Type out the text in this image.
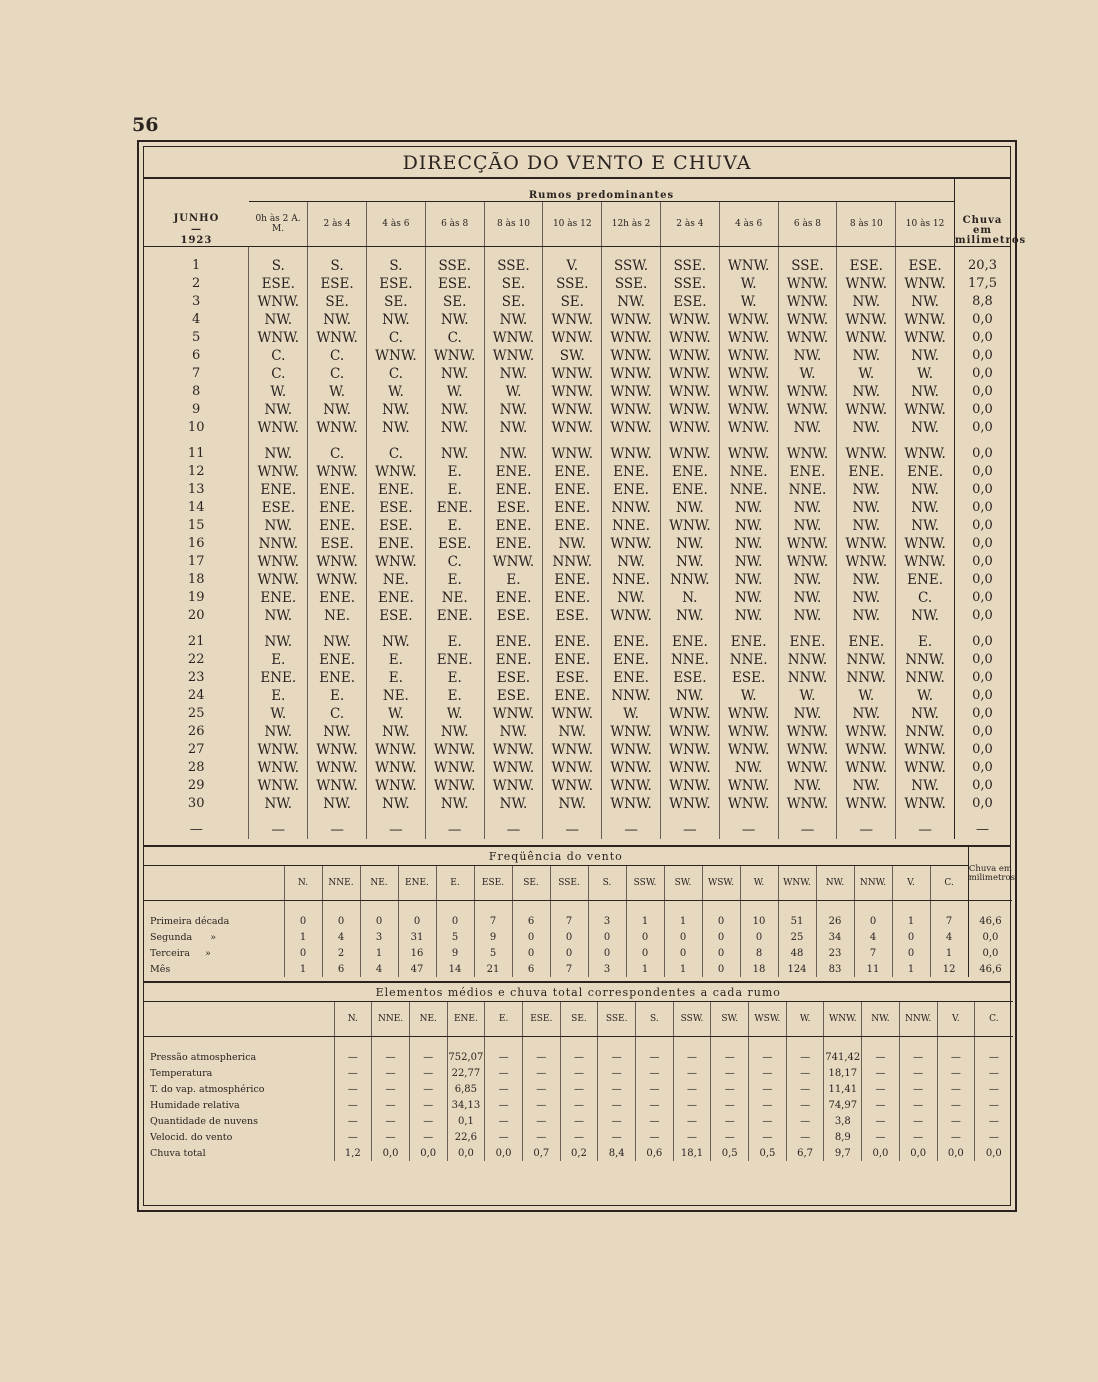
56
DIRECÇÃO DO VENTO E CHUVA
JUNHO
—
1923	Rumos predominantes												Chuva em milimetros
	0h às 2 A. M.	2 às 4	4 às 6	6 às 8	8 às 10	10 às 12	12h às 2	2 às 4	4 às 6	6 às 8	8 às 10	10 às 12	
1	S.	S.	S.	SSE.	SSE.	V.	SSW.	SSE.	WNW.	SSE.	ESE.	ESE.	20,3
2	ESE.	ESE.	ESE.	ESE.	SE.	SSE.	SSE.	SSE.	W.	WNW.	WNW.	WNW.	17,5
3	WNW.	SE.	SE.	SE.	SE.	SE.	NW.	ESE.	W.	WNW.	NW.	NW.	8,8
4	NW.	NW.	NW.	NW.	NW.	WNW.	WNW.	WNW.	WNW.	WNW.	WNW.	WNW.	0,0
5	WNW.	WNW.	C.	C.	WNW.	WNW.	WNW.	WNW.	WNW.	WNW.	WNW.	WNW.	0,0
6	C.	C.	WNW.	WNW.	WNW.	SW.	WNW.	WNW.	WNW.	NW.	NW.	NW.	0,0
7	C.	C.	C.	NW.	NW.	WNW.	WNW.	WNW.	WNW.	W.	W.	W.	0,0
8	W.	W.	W.	W.	W.	WNW.	WNW.	WNW.	WNW.	WNW.	NW.	NW.	0,0
9	NW.	NW.	NW.	NW.	NW.	WNW.	WNW.	WNW.	WNW.	WNW.	WNW.	WNW.	0,0
10	WNW.	WNW.	NW.	NW.	NW.	WNW.	WNW.	WNW.	WNW.	NW.	NW.	NW.	0,0

11	NW.	C.	C.	NW.	NW.	WNW.	WNW.	WNW.	WNW.	WNW.	WNW.	WNW.	0,0
12	WNW.	WNW.	WNW.	E.	ENE.	ENE.	ENE.	ENE.	NNE.	ENE.	ENE.	ENE.	0,0
13	ENE.	ENE.	ENE.	E.	ENE.	ENE.	ENE.	ENE.	NNE.	NNE.	NW.	NW.	0,0
14	ESE.	ENE.	ESE.	ENE.	ESE.	ENE.	NNW.	NW.	NW.	NW.	NW.	NW.	0,0
15	NW.	ENE.	ESE.	E.	ENE.	ENE.	NNE.	WNW.	NW.	NW.	NW.	NW.	0,0
16	NNW.	ESE.	ENE.	ESE.	ENE.	NW.	WNW.	NW.	NW.	WNW.	WNW.	WNW.	0,0
17	WNW.	WNW.	WNW.	C.	WNW.	NNW.	NW.	NW.	NW.	WNW.	WNW.	WNW.	0,0
18	WNW.	WNW.	NE.	E.	E.	ENE.	NNE.	NNW.	NW.	NW.	NW.	ENE.	0,0
19	ENE.	ENE.	ENE.	NE.	ENE.	ENE.	NW.	N.	NW.	NW.	NW.	C.	0,0
20	NW.	NE.	ESE.	ENE.	ESE.	ESE.	WNW.	NW.	NW.	NW.	NW.	NW.	0,0

21	NW.	NW.	NW.	E.	ENE.	ENE.	ENE.	ENE.	ENE.	ENE.	ENE.	E.	0,0
22	E.	ENE.	E.	ENE.	ENE.	ENE.	ENE.	NNE.	NNE.	NNW.	NNW.	NNW.	0,0
23	ENE.	ENE.	E.	E.	ESE.	ESE.	ENE.	ESE.	ESE.	NNW.	NNW.	NNW.	0,0
24	E.	E.	NE.	E.	ESE.	ENE.	NNW.	NW.	W.	W.	W.	W.	0,0
25	W.	C.	W.	W.	WNW.	WNW.	W.	WNW.	WNW.	NW.	NW.	NW.	0,0
26	NW.	NW.	NW.	NW.	NW.	NW.	WNW.	WNW.	WNW.	WNW.	WNW.	NNW.	0,0
27	WNW.	WNW.	WNW.	WNW.	WNW.	WNW.	WNW.	WNW.	WNW.	WNW.	WNW.	WNW.	0,0
28	WNW.	WNW.	WNW.	WNW.	WNW.	WNW.	WNW.	WNW.	NW.	WNW.	WNW.	WNW.	0,0
29	WNW.	WNW.	WNW.	WNW.	WNW.	WNW.	WNW.	WNW.	WNW.	NW.	NW.	NW.	0,0
30	NW.	NW.	NW.	NW.	NW.	NW.	WNW.	WNW.	WNW.	WNW.	WNW.	WNW.	0,0

—	—	—	—	—	—	—	—	—	—	—	—	—	—
Freqüência do vento																			Chuva em milimetros
	N.	NNE.	NE.	ENE.	E.	ESE.	SE.	SSE.	S.	SSW.	SW.	WSW.	W.	WNW.	NW.	NNW.	V.	C.	
Primeira década	0	0	0	0	0	7	6	7	3	1	1	0	10	51	26	0	1	7	46,6
Segunda      »	1	4	3	31	5	9	0	0	0	0	0	0	0	25	34	4	0	4	0,0
Terceira     »	0	2	1	16	9	5	0	0	0	0	0	0	8	48	23	7	0	1	0,0
Mês	1	6	4	47	14	21	6	7	3	1	1	0	18	124	83	11	1	12	46,6
Elementos médios e chuva total correspondentes a cada rumo																		
	N.	NNE.	NE.	ENE.	E.	ESE.	SE.	SSE.	S.	SSW.	SW.	WSW.	W.	WNW.	NW.	NNW.	V.	C.
Pressão atmospherica	—	—	—	752,07	—	—	—	—	—	—	—	—	—	741,42	—	—	—	—
Temperatura	—	—	—	22,77	—	—	—	—	—	—	—	—	—	18,17	—	—	—	—
T. do vap. atmosphérico	—	—	—	6,85	—	—	—	—	—	—	—	—	—	11,41	—	—	—	—
Humidade relativa	—	—	—	34,13	—	—	—	—	—	—	—	—	—	74,97	—	—	—	—
Quantidade de nuvens	—	—	—	0,1	—	—	—	—	—	—	—	—	—	3,8	—	—	—	—
Velocid. do vento	—	—	—	22,6	—	—	—	—	—	—	—	—	—	8,9	—	—	—	—
Chuva total	1,2	0,0	0,0	0,0	0,0	0,7	0,2	8,4	0,6	18,1	0,5	0,5	6,7	9,7	0,0	0,0	0,0	0,0
